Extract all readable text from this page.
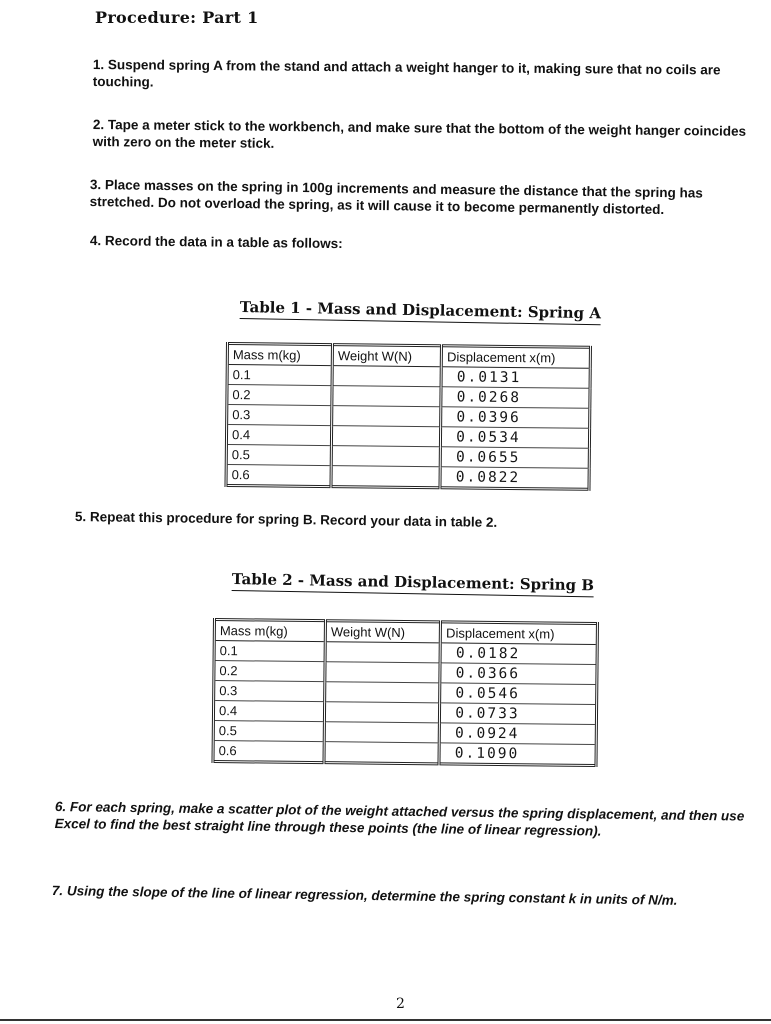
Procedure: Part 1
1. Suspend spring A from the stand and attach a weight hanger to it, making sure that no coils are touching.
2. Tape a meter stick to the workbench, and make sure that the bottom of the weight hanger coincides with zero on the meter stick.
3. Place masses on the spring in 100g increments and measure the distance that the spring has stretched. Do not overload the spring, as it will cause it to become permanently distorted.
4. Record the data in a table as follows:
Table 1 - Mass and Displacement: Spring A
Mass m(kg)	Weight W(N)	Displacement x(m)
0.1		0.0131
0.2		0.0268
0.3		0.0396
0.4		0.0534
0.5		0.0655
0.6		0.0822
5. Repeat this procedure for spring B. Record your data in table 2.
Table 2 - Mass and Displacement: Spring B
Mass m(kg)	Weight W(N)	Displacement x(m)
0.1		0.0182
0.2		0.0366
0.3		0.0546
0.4		0.0733
0.5		0.0924
0.6		0.1090
6. For each spring, make a scatter plot of the weight attached versus the spring displacement, and then use Excel to find the best straight line through these points (the line of linear regression).
7. Using the slope of the line of linear regression, determine the spring constant k in units of N/m.
2
